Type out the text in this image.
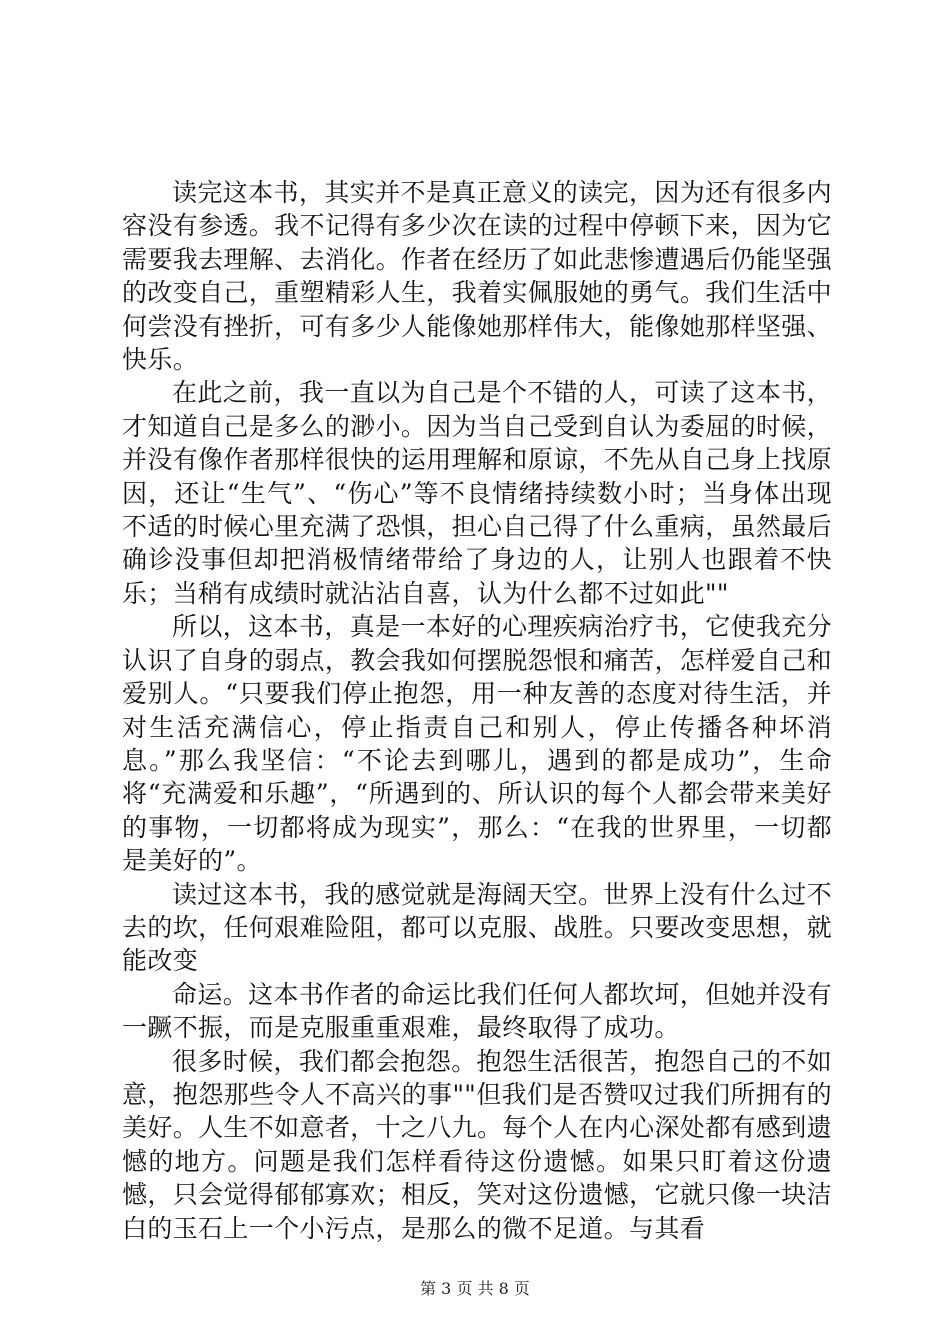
读完这本书，其实并不是真正意义的读完，因为还有很多内容没有参透。我不记得有多少次在读的过程中停顿下来，因为它需要我去理解、去消化。作者在经历了如此悲惨遭遇后仍能坚强的改变自己，重塑精彩人生，我着实佩服她的勇气。我们生活中何尝没有挫折，可有多少人能像她那样伟大，能像她那样坚强、快乐。

在此之前，我一直以为自己是个不错的人，可读了这本书，才知道自己是多么的渺小。因为当自己受到自认为委屈的时候，并没有像作者那样很快的运用理解和原谅，不先从自己身上找原因，还让“生气”、“伤心”等不良情绪持续数小时；当身体出现不适的时候心里充满了恐惧，担心自己得了什么重病，虽然最后确诊没事但却把消极情绪带给了身边的人，让别人也跟着不快乐；当稍有成绩时就沾沾自喜，认为什么都不过如此""

所以，这本书，真是一本好的心理疾病治疗书，它使我充分认识了自身的弱点，教会我如何摆脱怨恨和痛苦，怎样爱自己和爱别人。“只要我们停止抱怨，用一种友善的态度对待生活，并对生活充满信心，停止指责自己和别人，停止传播各种坏消息。”那么我坚信：“不论去到哪儿，遇到的都是成功”，生命将“充满爱和乐趣”，“所遇到的、所认识的每个人都会带来美好的事物，一切都将成为现实”，那么：“在我的世界里，一切都是美好的”。

读过这本书，我的感觉就是海阔天空。世界上没有什么过不去的坎，任何艰难险阻，都可以克服、战胜。只要改变思想，就能改变

命运。这本书作者的命运比我们任何人都坎坷，但她并没有一蹶不振，而是克服重重艰难，最终取得了成功。

很多时候，我们都会抱怨。抱怨生活很苦，抱怨自己的不如意，抱怨那些令人不高兴的事""但我们是否赞叹过我们所拥有的美好。人生不如意者，十之八九。每个人在内心深处都有感到遗憾的地方。问题是我们怎样看待这份遗憾。如果只盯着这份遗憾，只会觉得郁郁寡欢；相反，笑对这份遗憾，它就只像一块洁白的玉石上一个小污点，是那么的微不足道。与其看

第 3 页 共 8 页
